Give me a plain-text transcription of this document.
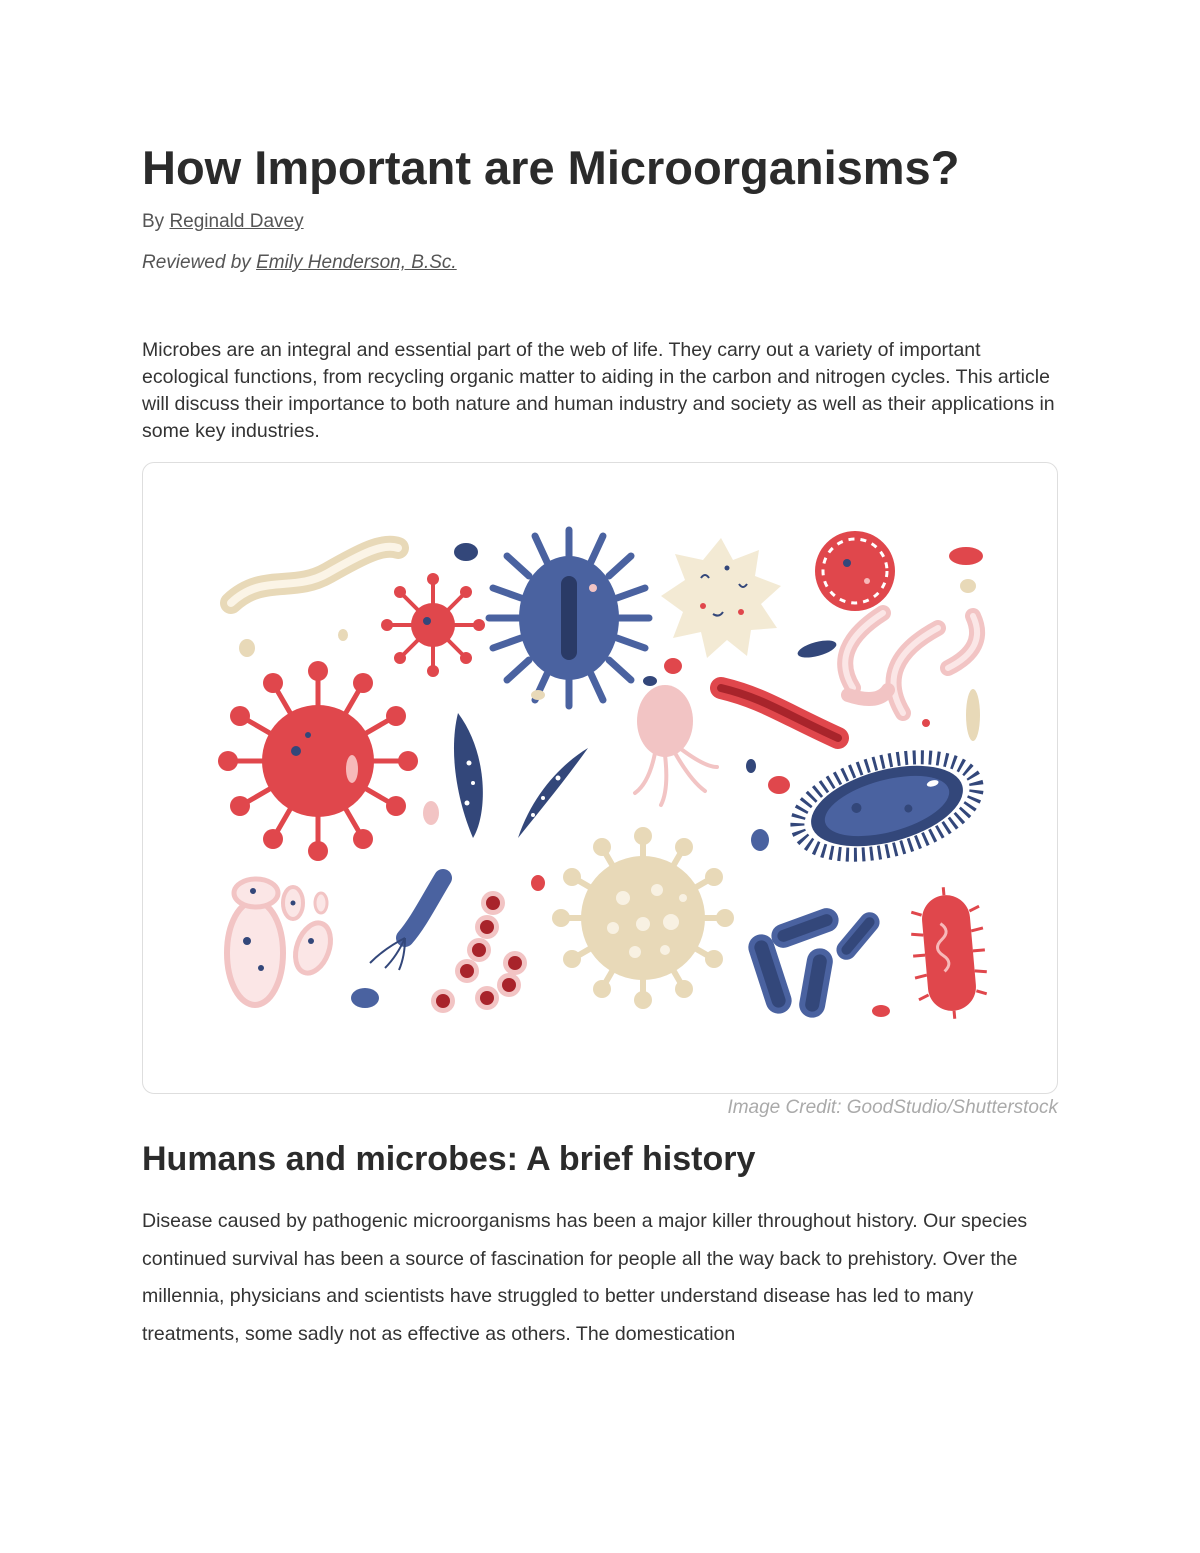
How Important are Microorganisms?
By Reginald Davey
Reviewed by Emily Henderson, B.Sc.

Microbes are an integral and essential part of the web of life. They carry out a variety of important ecological functions, from recycling organic matter to aiding in the carbon and nitrogen cycles. This article will discuss their importance to both nature and human industry and society as well as their applications in some key industries.

Image Credit: GoodStudio/Shutterstock
Humans and microbes: A brief history

Disease caused by pathogenic microorganisms has been a major killer throughout history. Our species continued survival has been a source of fascination for people all the way back to prehistory. Over the millennia, physicians and scientists have struggled to better understand disease has led to many treatments, some sadly not as effective as others. The domestication
